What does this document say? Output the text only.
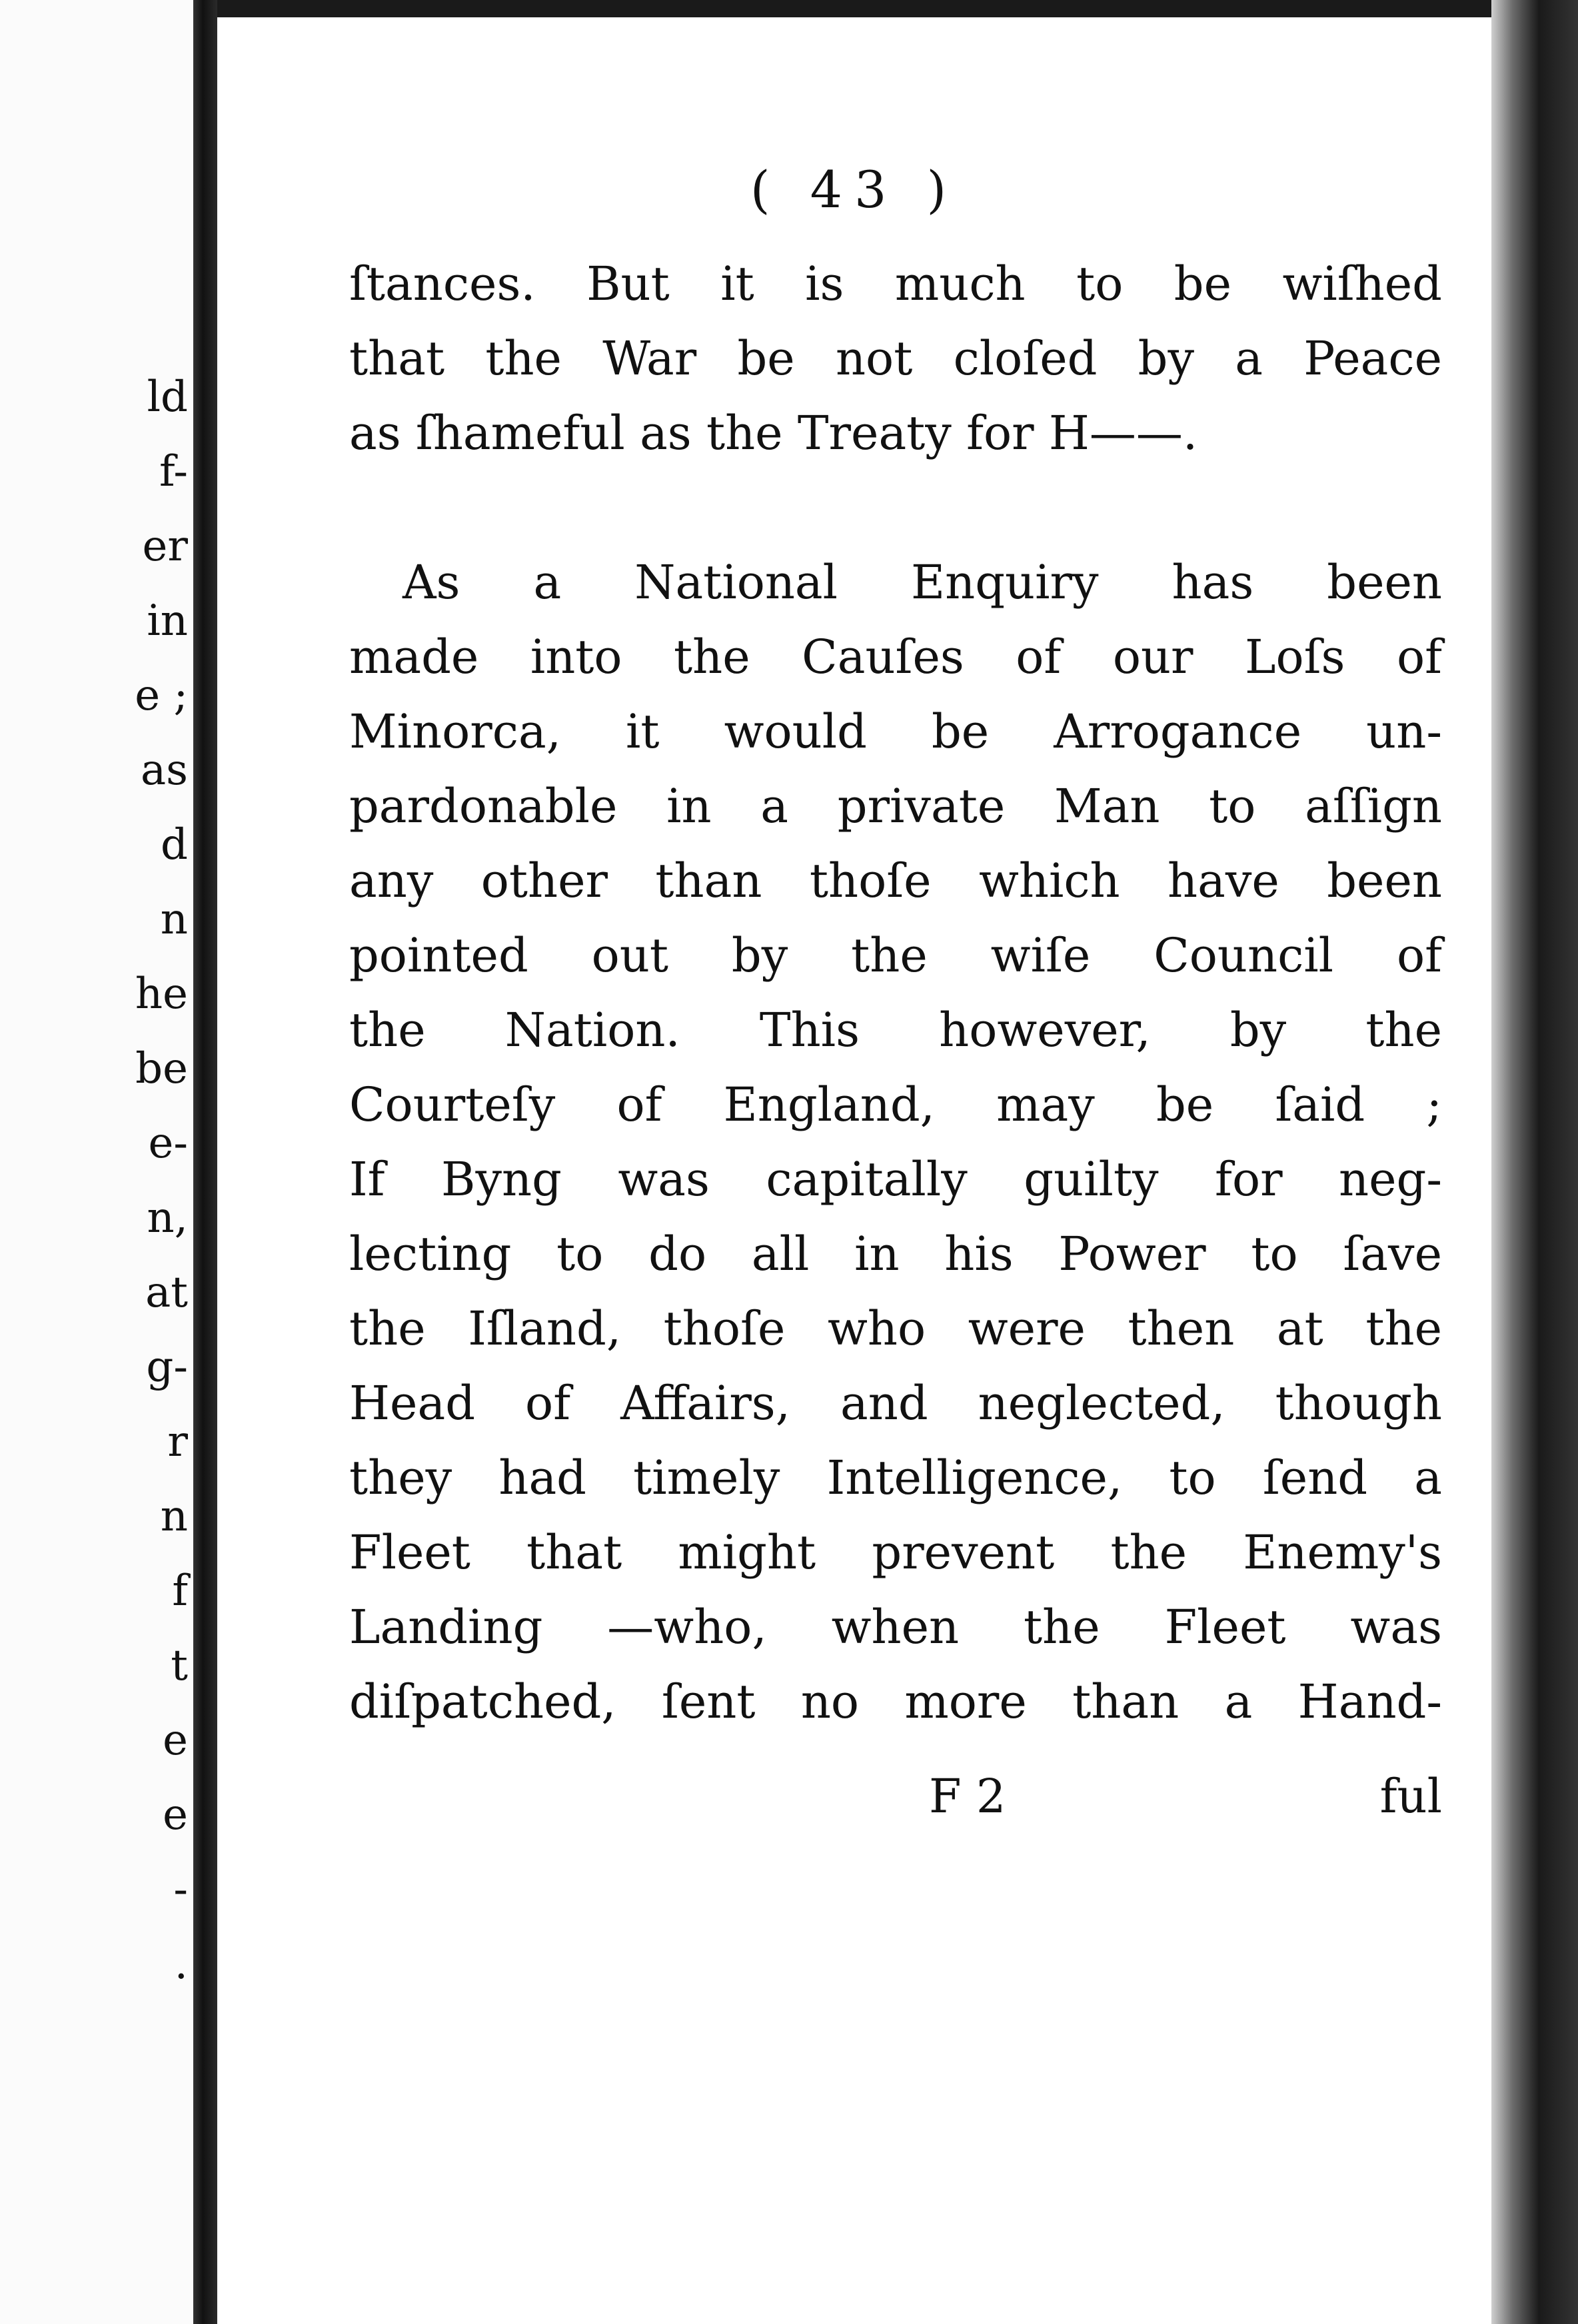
ld
f-
er
in
e ;
as
d
n
he
be
e-
n,
at
g-
r
n
f
t
e
e
-
.
( 43 )
ſtances. But it is much to be wiſhed
that the War be not cloſed by a Peace
as ſhameful as the Treaty for H——.
As a National Enquiry has been
made into the Cauſes of our Loſs of
Minorca, it would be Arrogance un-
pardonable in a private Man to aſſign
any other than thoſe which have been
pointed out by the wiſe Council of
the Nation. This however, by the
Courteſy of England, may be ſaid ;
If Byng was capitally guilty for neg-
lecting to do all in his Power to ſave
the Iſland, thoſe who were then at the
Head of Affairs, and neglected, though
they had timely Intelligence, to ſend a
Fleet that might prevent the Enemy's
Landing —who, when the Fleet was
diſpatched, ſent no more than a Hand-
F 2	ful
